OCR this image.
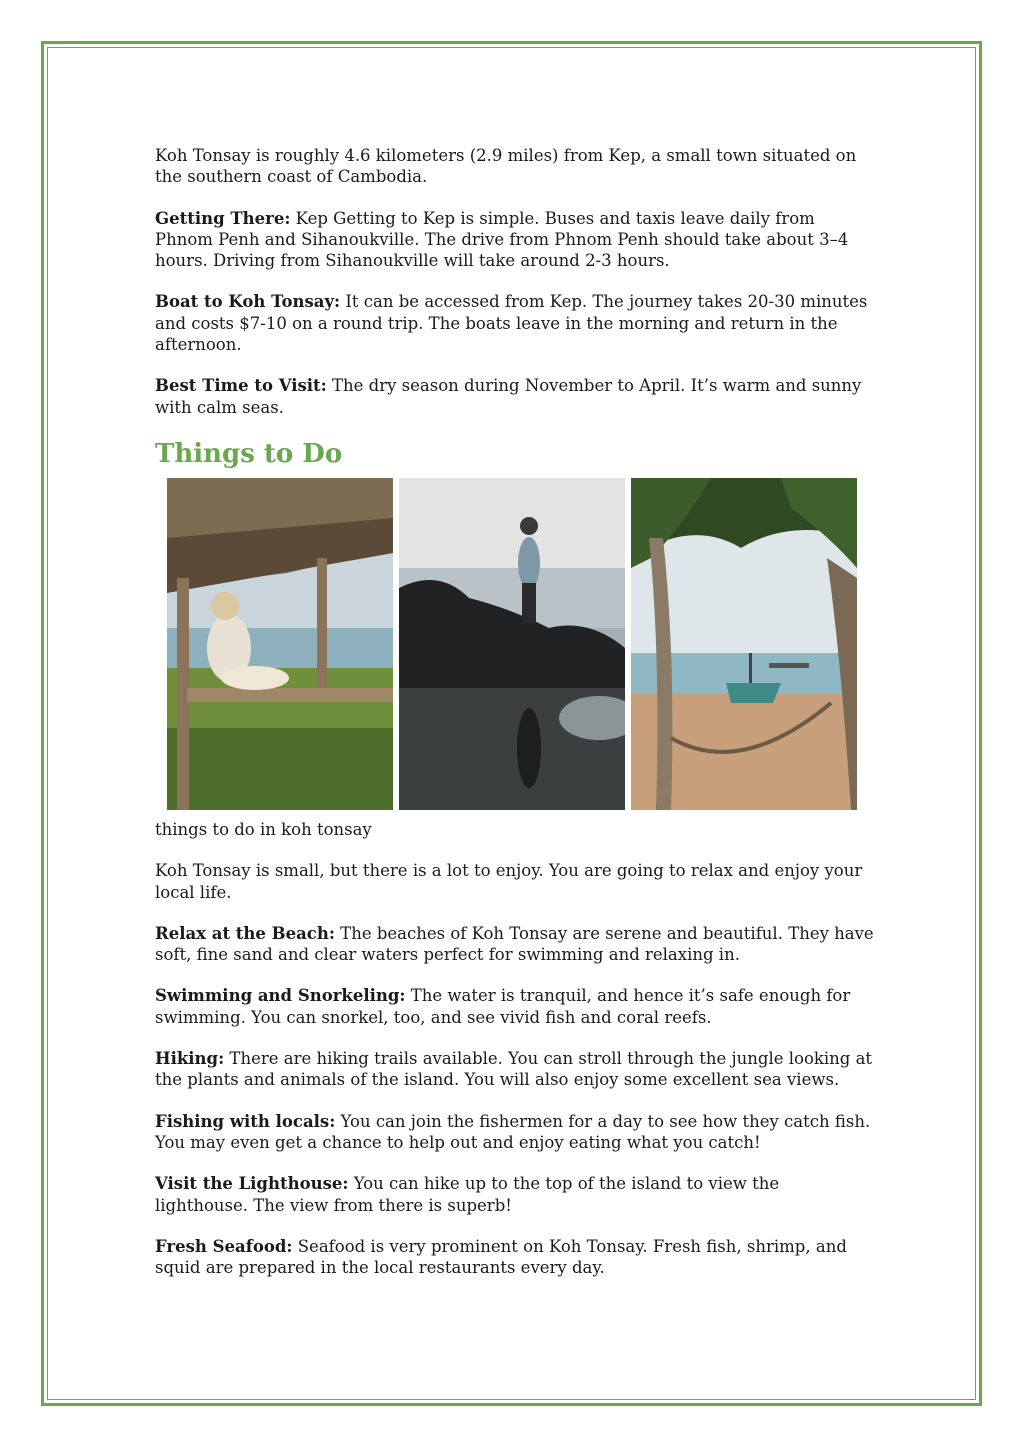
Koh Tonsay is roughly 4.6 kilometers (2.9 miles) from Kep, a small town situated on the southern coast of Cambodia.

Getting There: Kep Getting to Kep is simple. Buses and taxis leave daily from Phnom Penh and Sihanoukville. The drive from Phnom Penh should take about 3–4 hours. Driving from Sihanoukville will take around 2-3 hours.

Boat to Koh Tonsay: It can be accessed from Kep. The journey takes 20-30 minutes and costs $7-10 on a round trip. The boats leave in the morning and return in the afternoon.

Best Time to Visit: The dry season during November to April. It’s warm and sunny with calm seas.

Things to Do

things to do in koh tonsay

Koh Tonsay is small, but there is a lot to enjoy. You are going to relax and enjoy your local life.

Relax at the Beach: The beaches of Koh Tonsay are serene and beautiful. They have soft, fine sand and clear waters perfect for swimming and relaxing in.

Swimming and Snorkeling: The water is tranquil, and hence it’s safe enough for swimming. You can snorkel, too, and see vivid fish and coral reefs.

Hiking: There are hiking trails available. You can stroll through the jungle looking at the plants and animals of the island. You will also enjoy some excellent sea views.

Fishing with locals: You can join the fishermen for a day to see how they catch fish. You may even get a chance to help out and enjoy eating what you catch!

Visit the Lighthouse: You can hike up to the top of the island to view the lighthouse. The view from there is superb!

Fresh Seafood: Seafood is very prominent on Koh Tonsay. Fresh fish, shrimp, and squid are prepared in the local restaurants every day.
